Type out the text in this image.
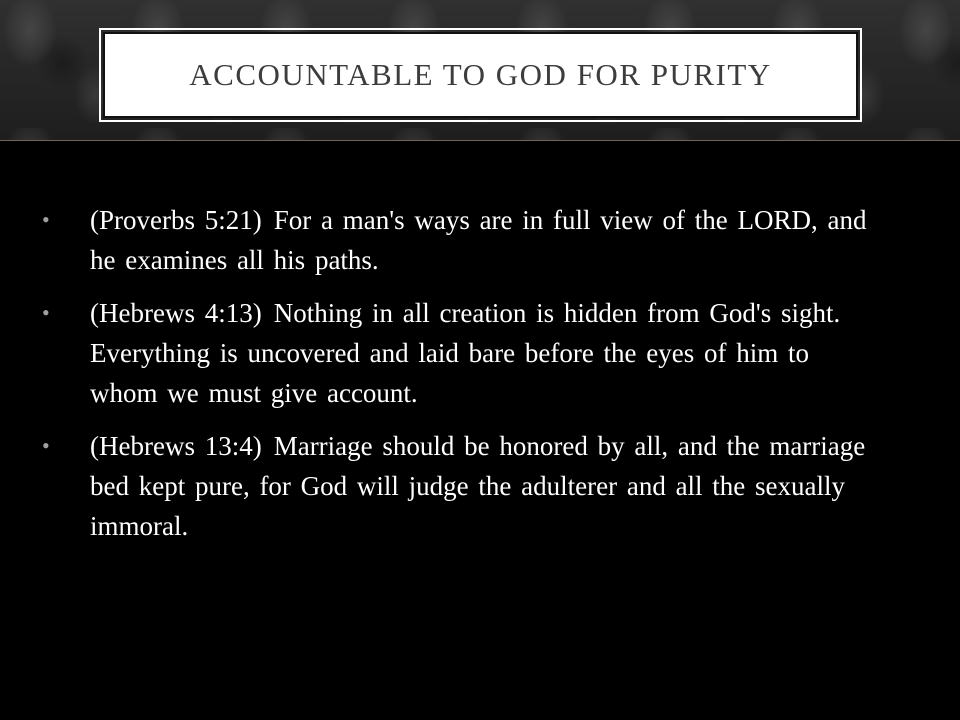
ACCOUNTABLE TO GOD FOR PURITY
• (Proverbs 5:21) For a man's ways are in full view of the LORD, and he examines all his paths.
• (Hebrews 4:13) Nothing in all creation is hidden from God's sight. Everything is uncovered and laid bare before the eyes of him to whom we must give account.
• (Hebrews 13:4) Marriage should be honored by all, and the marriage bed kept pure, for God will judge the adulterer and all the sexually immoral.
